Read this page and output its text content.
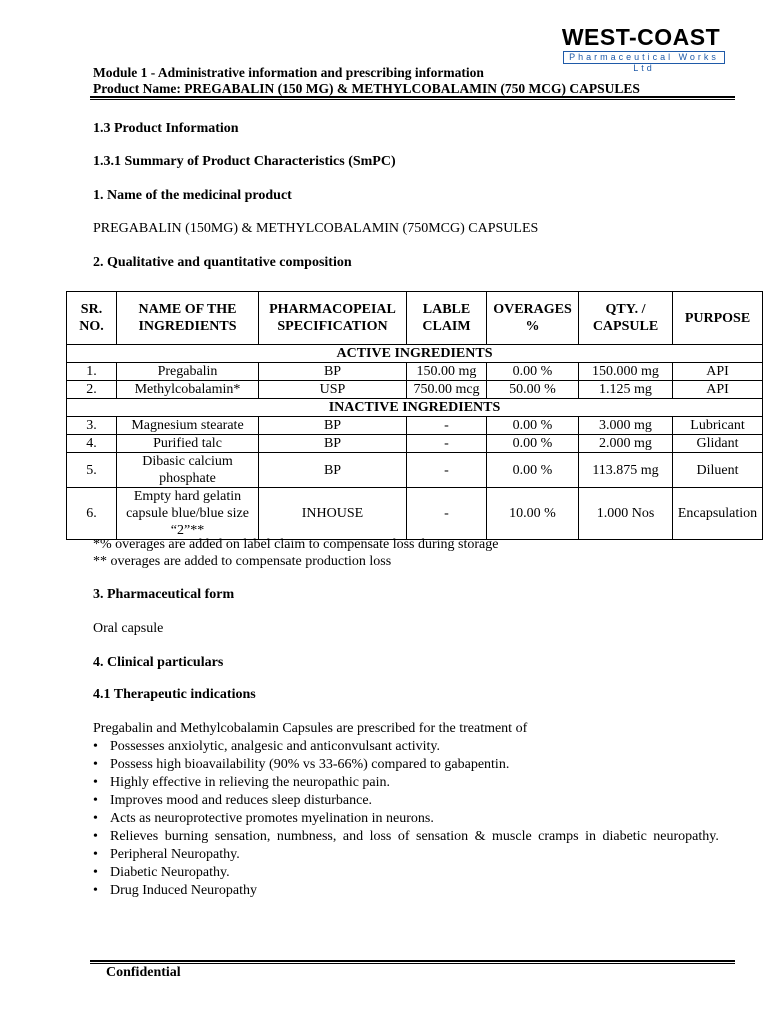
WEST-COAST
Pharmaceutical Works Ltd
Module 1 - Administrative information and prescribing information
Product Name: PREGABALIN (150 MG) & METHYLCOBALAMIN (750 MCG) CAPSULES
1.3 Product Information
1.3.1 Summary of Product Characteristics (SmPC)
1. Name of the medicinal product
PREGABALIN (150MG) & METHYLCOBALAMIN (750MCG) CAPSULES
2. Qualitative and quantitative composition
SR. NO.	NAME OF THE INGREDIENTS	PHARMACOPEIAL SPECIFICATION	LABLE CLAIM	OVERAGES %	QTY. / CAPSULE	PURPOSE
ACTIVE INGREDIENTS						
1.	Pregabalin	BP	150.00 mg	0.00 %	150.000 mg	API
2.	Methylcobalamin*	USP	750.00 mcg	50.00 %	1.125 mg	API
INACTIVE INGREDIENTS						
3.	Magnesium stearate	BP	-	0.00 %	3.000 mg	Lubricant
4.	Purified talc	BP	-	0.00 %	2.000 mg	Glidant
5.	Dibasic calcium phosphate	BP	-	0.00 %	113.875 mg	Diluent
6.	Empty hard gelatin capsule blue/blue size “2”**	INHOUSE	-	10.00 %	1.000 Nos	Encapsulation
*% overages are added on label claim to compensate loss during storage
** overages are added to compensate production loss
3. Pharmaceutical form
Oral capsule
4. Clinical particulars
4.1 Therapeutic indications
Pregabalin and Methylcobalamin Capsules are prescribed for the treatment of
• Possesses anxiolytic, analgesic and anticonvulsant activity.
• Possess high bioavailability (90% vs 33-66%) compared to gabapentin.
• Highly effective in relieving the neuropathic pain.
• Improves mood and reduces sleep disturbance.
• Acts as neuroprotective promotes myelination in neurons.
• Relieves burning sensation, numbness, and loss of sensation & muscle cramps in diabetic neuropathy.
• Peripheral Neuropathy.
• Diabetic Neuropathy.
• Drug Induced Neuropathy
Confidential
